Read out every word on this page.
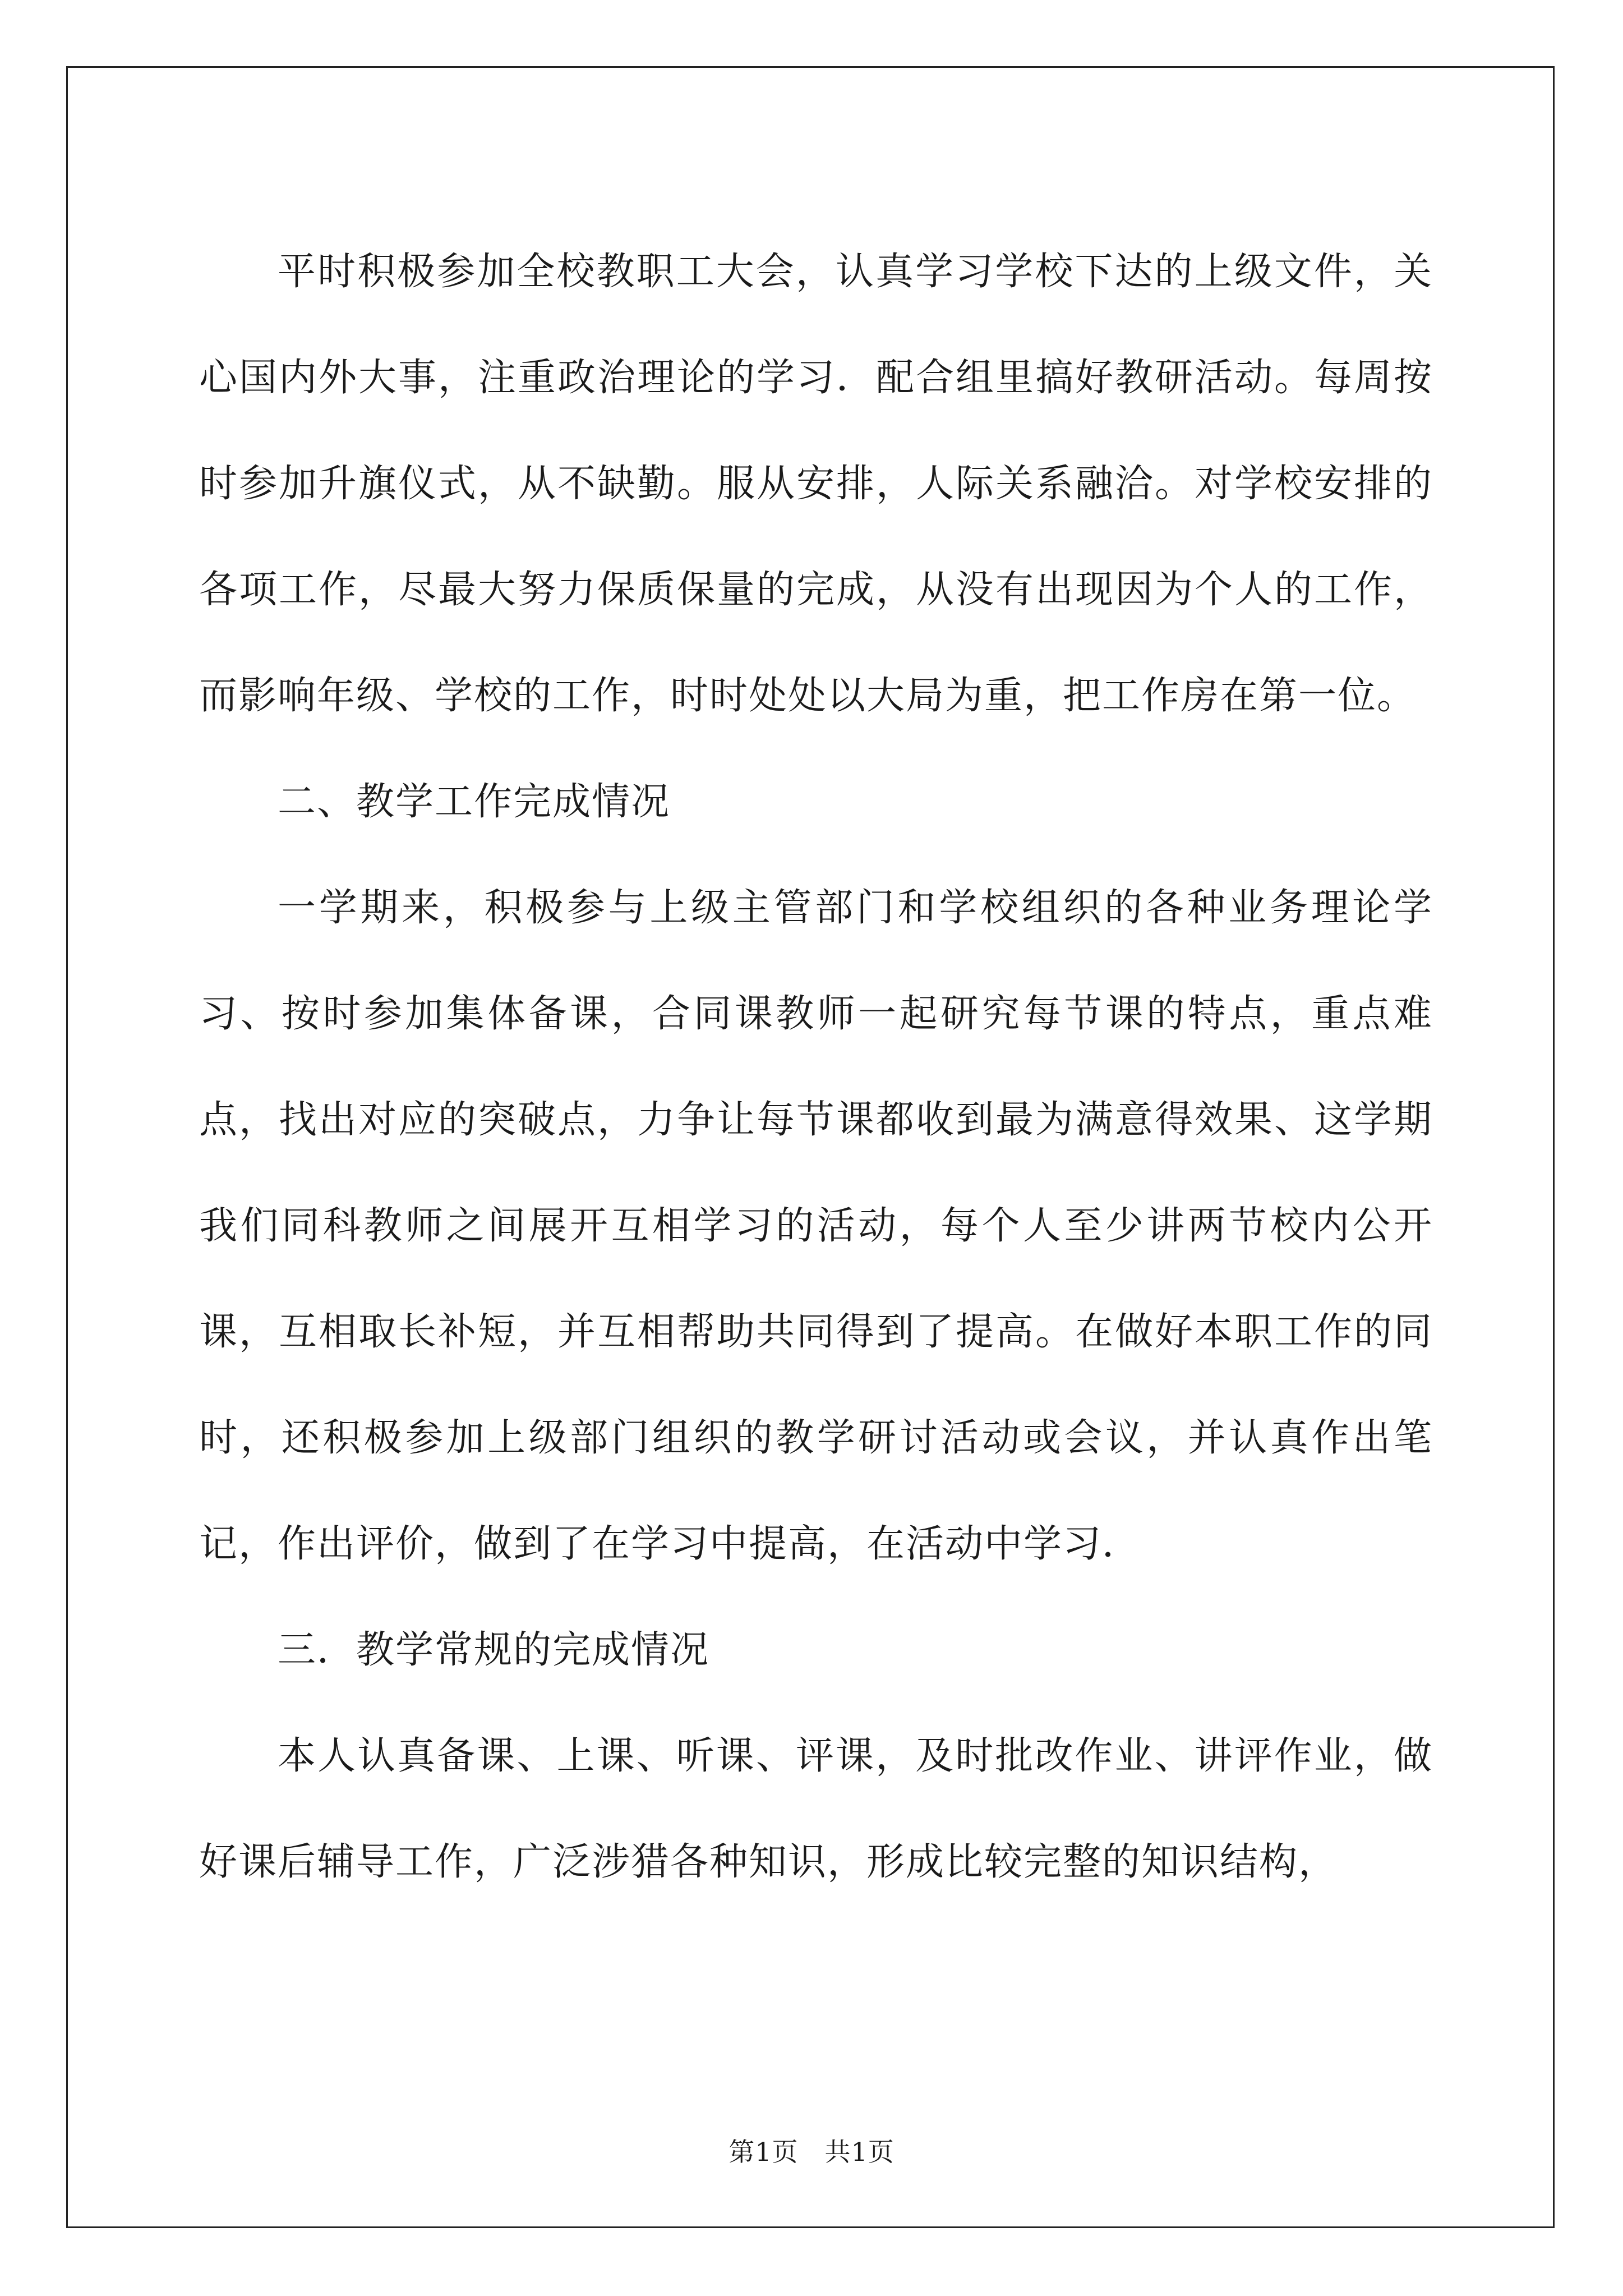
平时积极参加全校教职工大会，认真学习学校下达的上级文件，关心国内外大事，注重政治理论的学习．配合组里搞好教研活动。每周按时参加升旗仪式，从不缺勤。服从安排，人际关系融洽。对学校安排的各项工作，尽最大努力保质保量的完成，从没有出现因为个人的工作，而影响年级、学校的工作，时时处处以大局为重，把工作房在第一位。

二、教学工作完成情况

一学期来，积极参与上级主管部门和学校组织的各种业务理论学习、按时参加集体备课，合同课教师一起研究每节课的特点，重点难点，找出对应的突破点，力争让每节课都收到最为满意得效果、这学期我们同科教师之间展开互相学习的活动，每个人至少讲两节校内公开课，互相取长补短，并互相帮助共同得到了提高。在做好本职工作的同时，还积极参加上级部门组织的教学研讨活动或会议，并认真作出笔记，作出评价，做到了在学习中提高，在活动中学习．

三．教学常规的完成情况

本人认真备课、上课、听课、评课，及时批改作业、讲评作业，做好课后辅导工作，广泛涉猎各种知识，形成比较完整的知识结构，

第1页　共1页
